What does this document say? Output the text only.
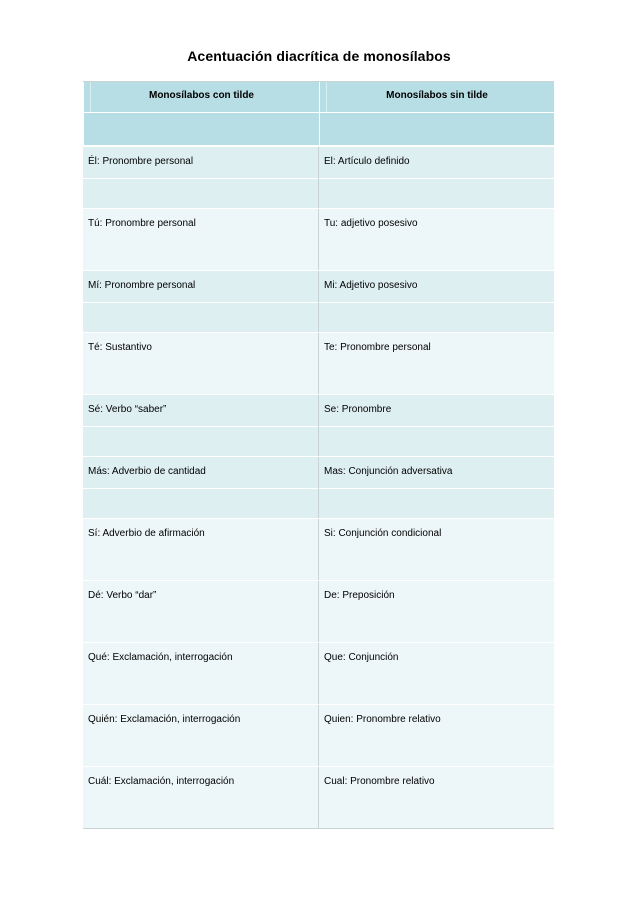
Acentuación diacrítica de monosílabos
Monosílabos con tilde	Monosílabos sin tilde
Él: Pronombre personal	El: Artículo definido
Tú: Pronombre personal	Tu: adjetivo posesivo
Mí: Pronombre personal	Mi: Adjetivo posesivo
Té: Sustantivo	Te: Pronombre personal
Sé: Verbo “saber”	Se: Pronombre
Más: Adverbio de cantidad	Mas: Conjunción adversativa
Sí: Adverbio de afirmación	Si: Conjunción condicional
Dé: Verbo “dar”	De: Preposición
Qué: Exclamación, interrogación	Que: Conjunción
Quién: Exclamación, interrogación	Quien: Pronombre relativo
Cuál: Exclamación, interrogación	Cual: Pronombre relativo
